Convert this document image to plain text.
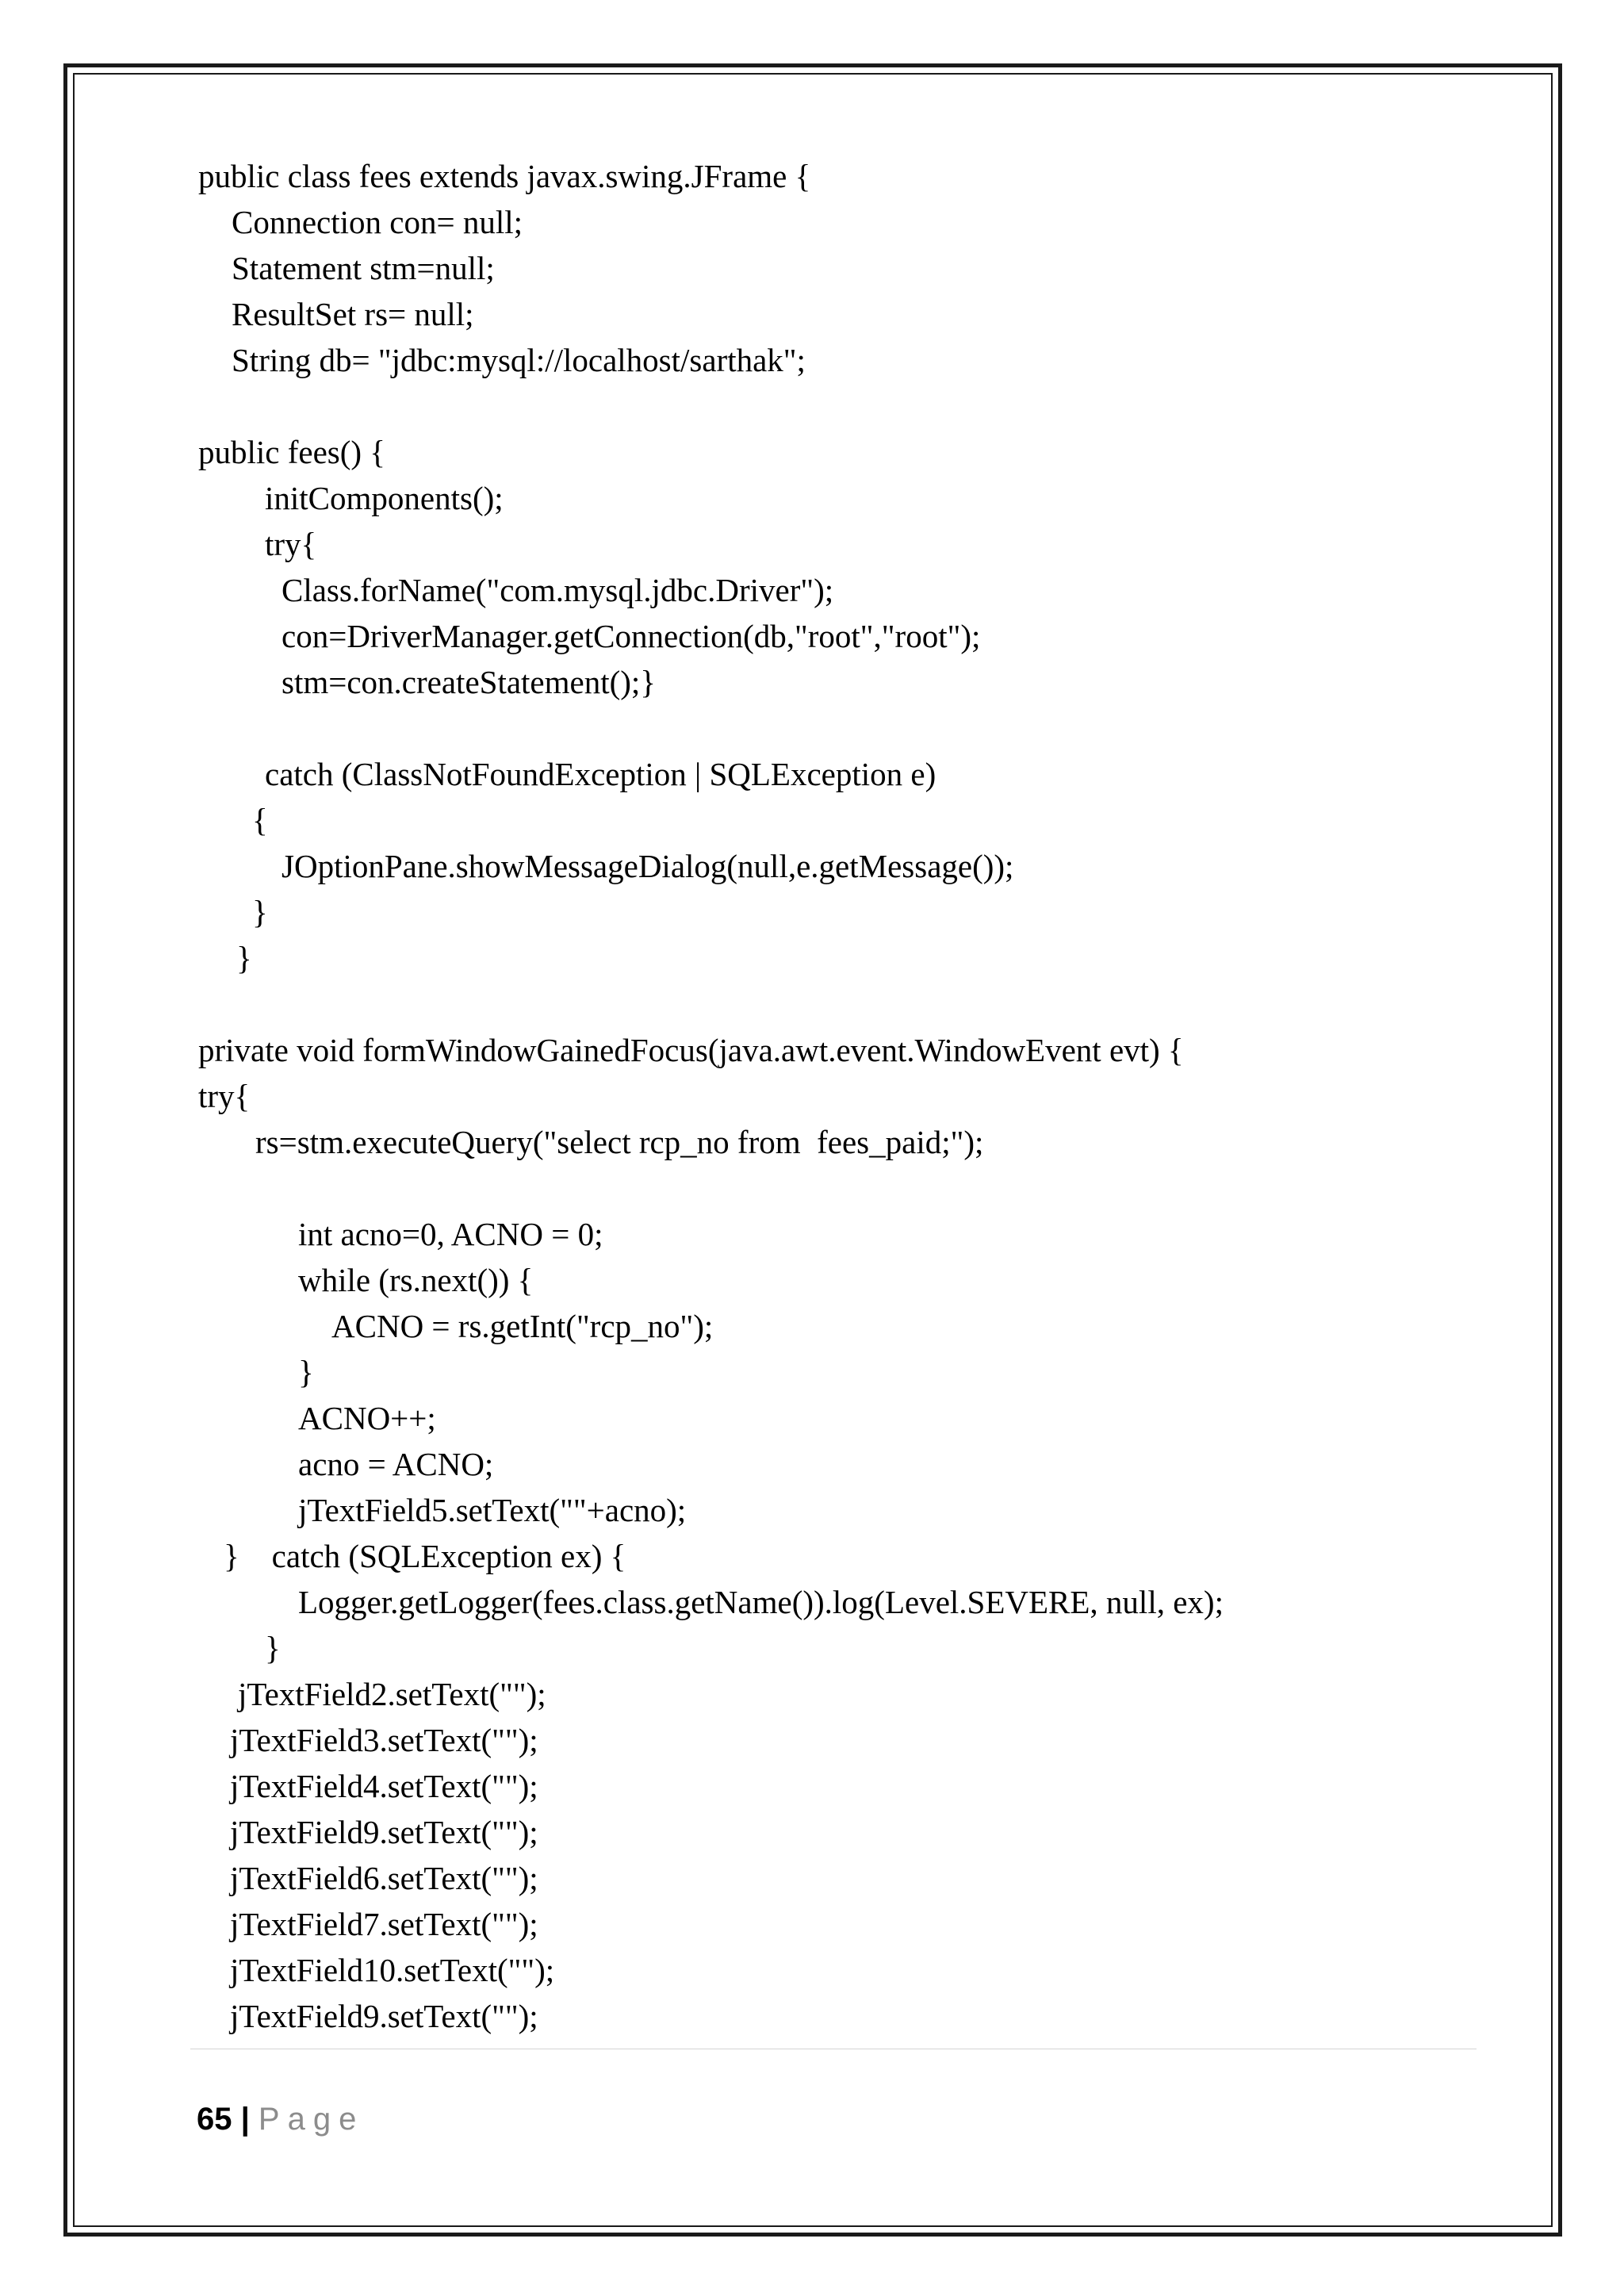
public class fees extends javax.swing.JFrame {
Connection con= null;
Statement stm=null;
ResultSet rs= null;
String db= "jdbc:mysql://localhost/sarthak";
public fees() {
initComponents();
try{
Class.forName("com.mysql.jdbc.Driver");
con=DriverManager.getConnection(db,"root","root");
stm=con.createStatement();}
catch (ClassNotFoundException | SQLException e)
{
JOptionPane.showMessageDialog(null,e.getMessage());
}
}
private void formWindowGainedFocus(java.awt.event.WindowEvent evt) {
try{
rs=stm.executeQuery("select rcp_no from  fees_paid;");
int acno=0, ACNO = 0;
while (rs.next()) {
ACNO = rs.getInt("rcp_no");
}
ACNO++;
acno = ACNO;
jTextField5.setText(""+acno);
}    catch (SQLException ex) {
Logger.getLogger(fees.class.getName()).log(Level.SEVERE, null, ex);
}
jTextField2.setText("");
jTextField3.setText("");
jTextField4.setText("");
jTextField9.setText("");
jTextField6.setText("");
jTextField7.setText("");
jTextField10.setText("");
jTextField9.setText("");
65 | Page
